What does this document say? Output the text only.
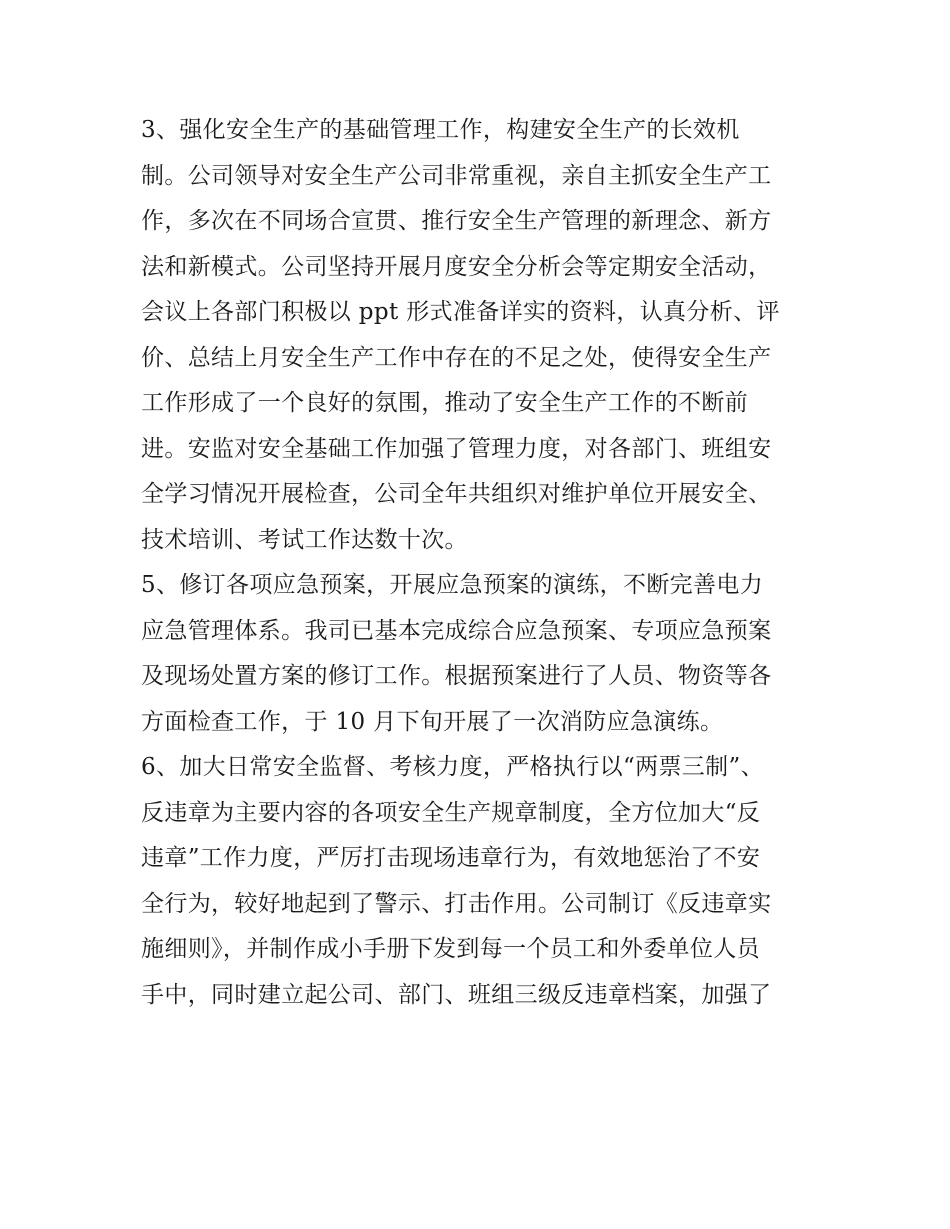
3、强化安全生产的基础管理工作，构建安全生产的长效机
制。公司领导对安全生产公司非常重视，亲自主抓安全生产工
作，多次在不同场合宣贯、推行安全生产管理的新理念、新方
法和新模式。公司坚持开展月度安全分析会等定期安全活动，
会议上各部门积极以 ppt 形式准备详实的资料，认真分析、评
价、总结上月安全生产工作中存在的不足之处，使得安全生产
工作形成了一个良好的氛围，推动了安全生产工作的不断前
进。安监对安全基础工作加强了管理力度，对各部门、班组安
全学习情况开展检查，公司全年共组织对维护单位开展安全、
技术培训、考试工作达数十次。
5、修订各项应急预案，开展应急预案的演练，不断完善电力
应急管理体系。我司已基本完成综合应急预案、专项应急预案
及现场处置方案的修订工作。根据预案进行了人员、物资等各
方面检查工作，于 10 月下旬开展了一次消防应急演练。
6、加大日常安全监督、考核力度，严格执行以“两票三制”、
反违章为主要内容的各项安全生产规章制度，全方位加大“反
违章”工作力度，严厉打击现场违章行为，有效地惩治了不安
全行为，较好地起到了警示、打击作用。公司制订《反违章实
施细则》，并制作成小手册下发到每一个员工和外委单位人员
手中，同时建立起公司、部门、班组三级反违章档案，加强了
